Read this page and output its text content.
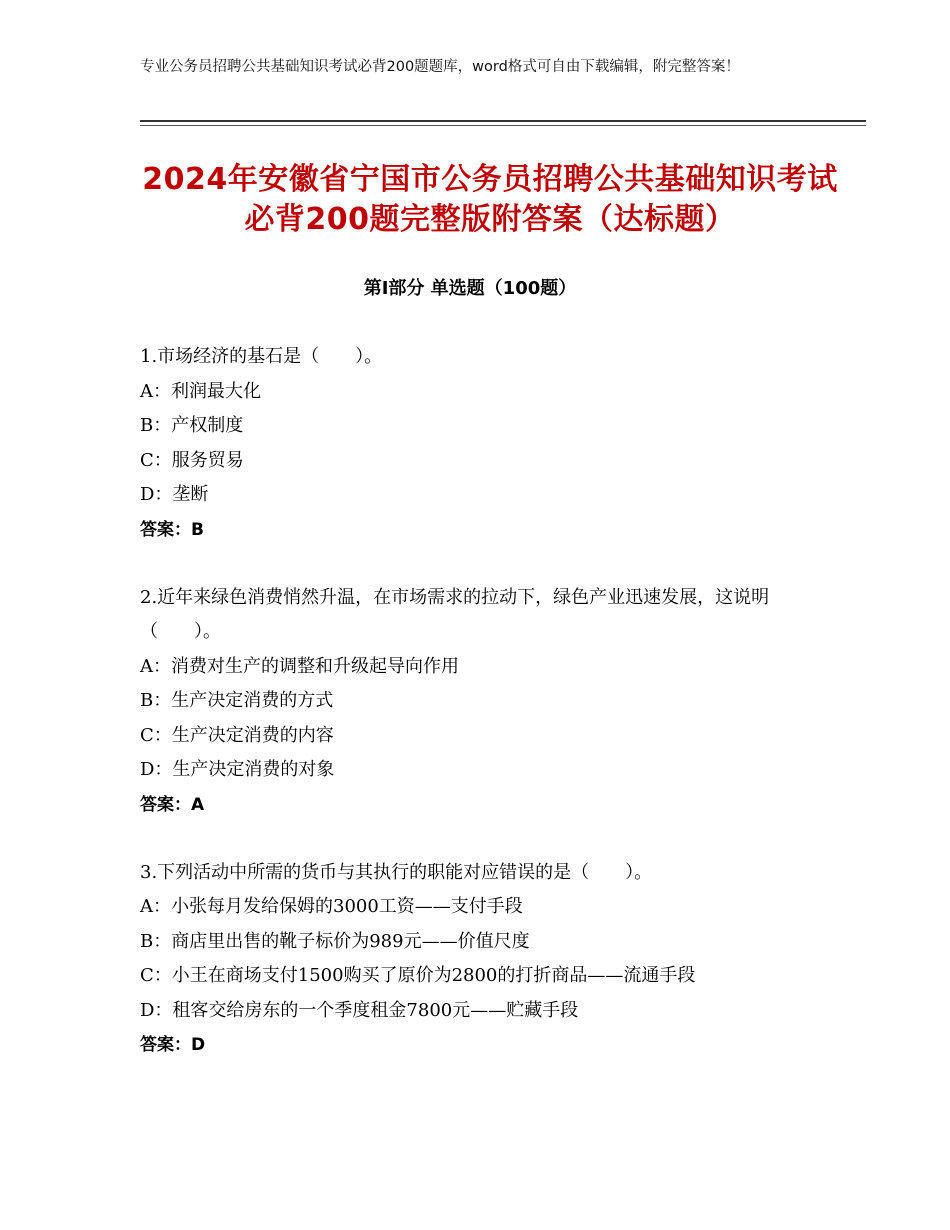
专业公务员招聘公共基础知识考试必背200题题库，word格式可自由下载编辑，附完整答案！
2024年安徽省宁国市公务员招聘公共基础知识考试必背200题完整版附答案（达标题）
第Ⅰ部分 单选题（100题）

1.市场经济的基石是（　　）。

A：利润最大化

B：产权制度

C：服务贸易

D：垄断

答案：B

2.近年来绿色消费悄然升温，在市场需求的拉动下，绿色产业迅速发展，这说明（　　）。

A：消费对生产的调整和升级起导向作用

B：生产决定消费的方式

C：生产决定消费的内容

D：生产决定消费的对象

答案：A

3.下列活动中所需的货币与其执行的职能对应错误的是（　　）。

A：小张每月发给保姆的3000工资——支付手段

B：商店里出售的靴子标价为989元——价值尺度

C：小王在商场支付1500购买了原价为2800的打折商品——流通手段

D：租客交给房东的一个季度租金7800元——贮藏手段

答案：D
